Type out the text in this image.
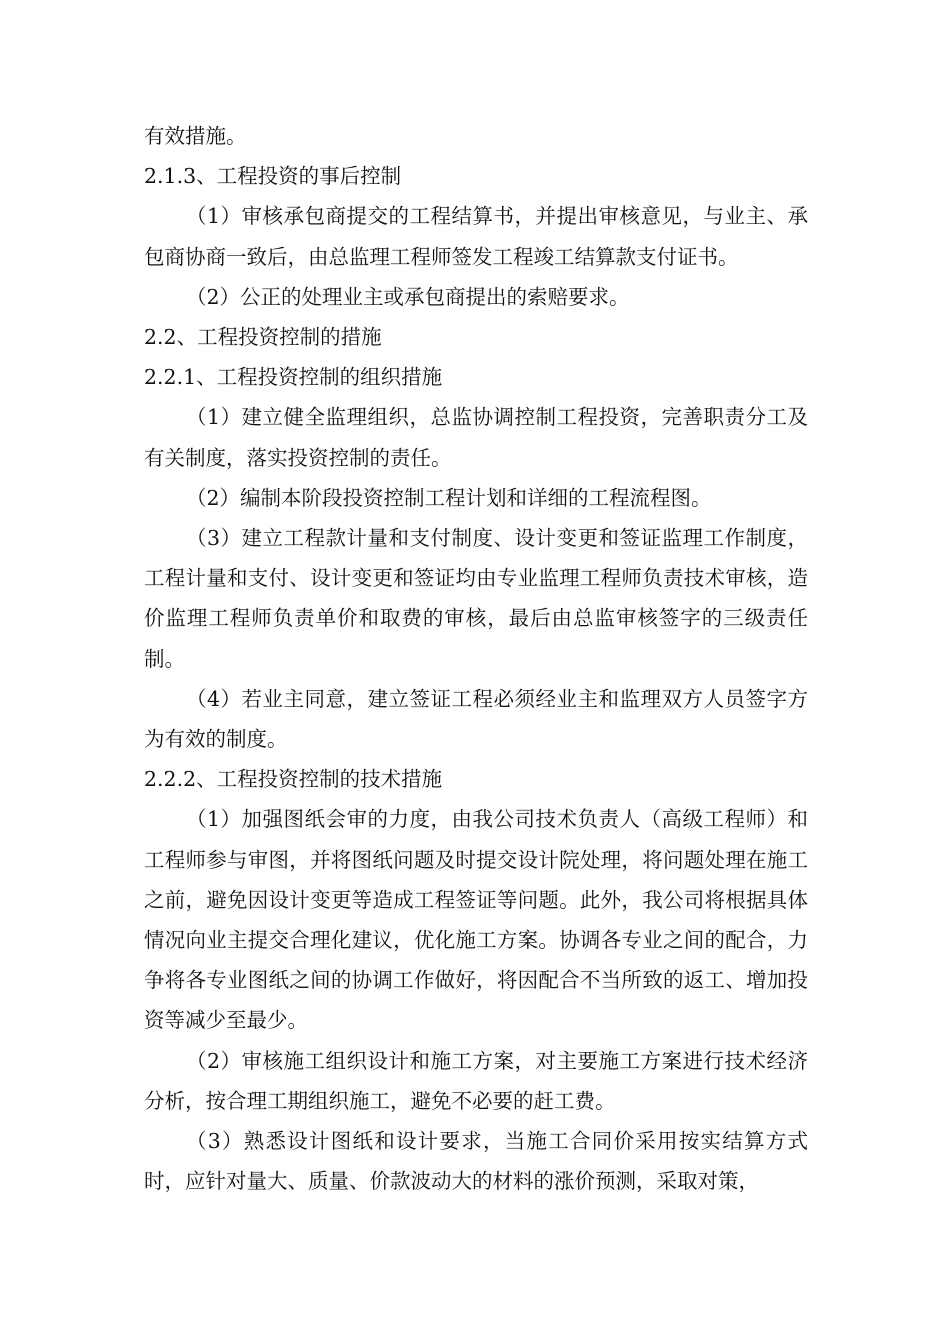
有效措施。

2.1.3、工程投资的事后控制

（1）审核承包商提交的工程结算书，并提出审核意见，与业主、承包商协商一致后，由总监理工程师签发工程竣工结算款支付证书。

（2）公正的处理业主或承包商提出的索赔要求。

2.2、工程投资控制的措施

2.2.1、工程投资控制的组织措施

（1）建立健全监理组织，总监协调控制工程投资，完善职责分工及有关制度，落实投资控制的责任。

（2）编制本阶段投资控制工程计划和详细的工程流程图。

（3）建立工程款计量和支付制度、设计变更和签证监理工作制度，工程计量和支付、设计变更和签证均由专业监理工程师负责技术审核，造价监理工程师负责单价和取费的审核，最后由总监审核签字的三级责任制。

（4）若业主同意，建立签证工程必须经业主和监理双方人员签字方为有效的制度。

2.2.2、工程投资控制的技术措施

（1）加强图纸会审的力度，由我公司技术负责人（高级工程师）和工程师参与审图，并将图纸问题及时提交设计院处理，将问题处理在施工之前，避免因设计变更等造成工程签证等问题。此外，我公司将根据具体情况向业主提交合理化建议，优化施工方案。协调各专业之间的配合，力争将各专业图纸之间的协调工作做好，将因配合不当所致的返工、增加投资等减少至最少。

（2）审核施工组织设计和施工方案，对主要施工方案进行技术经济分析，按合理工期组织施工，避免不必要的赶工费。

（3）熟悉设计图纸和设计要求，当施工合同价采用按实结算方式时，应针对量大、质量、价款波动大的材料的涨价预测，采取对策，
